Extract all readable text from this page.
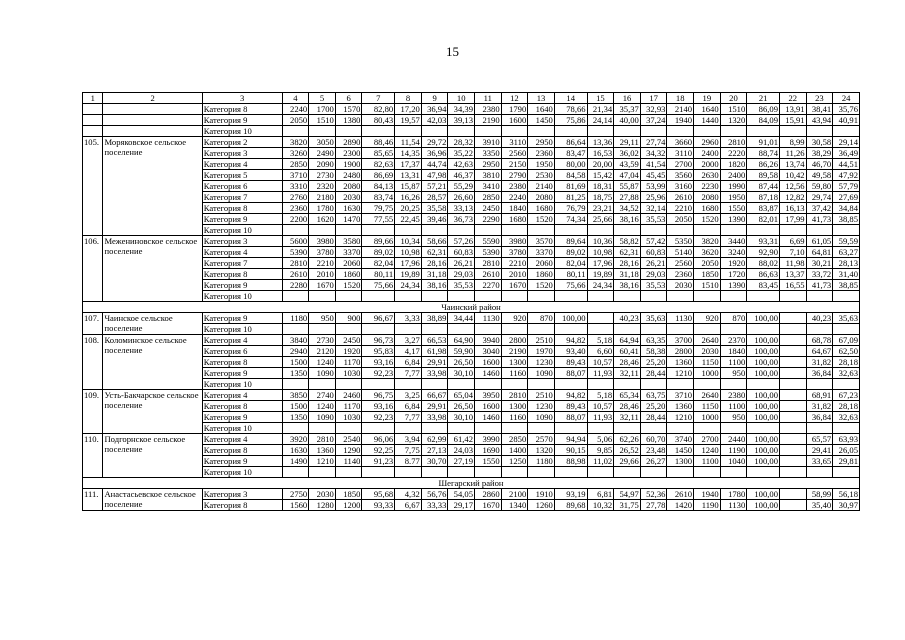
15
1	2	3	4	5	6	7	8	9	10	11	12	13	14	15	16	17	18	19	20	21	22	23	24
		Категория 8	2240	1700	1570	82,80	17,20	36,94	34,39	2380	1790	1640	78,66	21,34	35,37	32,93	2140	1640	1510	86,09	13,91	38,41	35,76
		Категория 9	2050	1510	1380	80,43	19,57	42,03	39,13	2190	1600	1450	75,86	24,14	40,00	37,24	1940	1440	1320	84,09	15,91	43,94	40,91
		Категория 10																					
105.	Моряковское сельское поселение	Категория 2	3820	3050	2890	88,46	11,54	29,72	28,32	3910	3110	2950	86,64	13,36	29,11	27,74	3660	2960	2810	91,01	8,99	30,58	29,14
		Категория 3	3260	2490	2300	85,65	14,35	36,96	35,22	3350	2560	2360	83,47	16,53	36,02	34,32	3110	2400	2220	88,74	11,26	38,29	36,49
		Категория 4	2850	2090	1900	82,63	17,37	44,74	42,63	2950	2150	1950	80,00	20,00	43,59	41,54	2700	2000	1820	86,26	13,74	46,70	44,51
		Категория 5	3710	2730	2480	86,69	13,31	47,98	46,37	3810	2790	2530	84,58	15,42	47,04	45,45	3560	2630	2400	89,58	10,42	49,58	47,92
		Категория 6	3310	2320	2080	84,13	15,87	57,21	55,29	3410	2380	2140	81,69	18,31	55,87	53,99	3160	2230	1990	87,44	12,56	59,80	57,79
		Категория 7	2760	2180	2030	83,74	16,26	28,57	26,60	2850	2240	2080	81,25	18,75	27,88	25,96	2610	2080	1950	87,18	12,82	29,74	27,69
		Категория 8	2360	1780	1630	79,75	20,25	35,58	33,13	2450	1840	1680	76,79	23,21	34,52	32,14	2210	1680	1550	83,87	16,13	37,42	34,84
		Категория 9	2200	1620	1470	77,55	22,45	39,46	36,73	2290	1680	1520	74,34	25,66	38,16	35,53	2050	1520	1390	82,01	17,99	41,73	38,85
		Категория 10																					
106.	Межениновское сельское поселение	Категория 3	5600	3980	3580	89,66	10,34	58,66	57,26	5590	3980	3570	89,64	10,36	58,82	57,42	5350	3820	3440	93,31	6,69	61,05	59,59
		Категория 4	5390	3780	3370	89,02	10,98	62,31	60,83	5390	3780	3370	89,02	10,98	62,31	60,83	5140	3620	3240	92,90	7,10	64,81	63,27
		Категория 7	2810	2210	2060	82,04	17,96	28,16	26,21	2810	2210	2060	82,04	17,96	28,16	26,21	2560	2050	1920	88,02	11,98	30,21	28,13
		Категория 8	2610	2010	1860	80,11	19,89	31,18	29,03	2610	2010	1860	80,11	19,89	31,18	29,03	2360	1850	1720	86,63	13,37	33,72	31,40
		Категория 9	2280	1670	1520	75,66	24,34	38,16	35,53	2270	1670	1520	75,66	24,34	38,16	35,53	2030	1510	1390	83,45	16,55	41,73	38,85
		Категория 10																					
Чаинский район																							
107.	Чаинское сельское поселение	Категория 9	1180	950	900	96,67	3,33	38,89	34,44	1130	920	870	100,00		40,23	35,63	1130	920	870	100,00		40,23	35,63
		Категория 10																					
108.	Коломинское сельское поселение	Категория 4	3840	2730	2450	96,73	3,27	66,53	64,90	3940	2800	2510	94,82	5,18	64,94	63,35	3700	2640	2370	100,00		68,78	67,09
		Категория 6	2940	2120	1920	95,83	4,17	61,98	59,90	3040	2190	1970	93,40	6,60	60,41	58,38	2800	2030	1840	100,00		64,67	62,50
		Категория 8	1500	1240	1170	93,16	6,84	29,91	26,50	1600	1300	1230	89,43	10,57	28,46	25,20	1360	1150	1100	100,00		31,82	28,18
		Категория 9	1350	1090	1030	92,23	7,77	33,98	30,10	1460	1160	1090	88,07	11,93	32,11	28,44	1210	1000	950	100,00		36,84	32,63
		Категория 10																					
109.	Усть-Бакчарское сельское поселение	Категория 4	3850	2740	2460	96,75	3,25	66,67	65,04	3950	2810	2510	94,82	5,18	65,34	63,75	3710	2640	2380	100,00		68,91	67,23
		Категория 8	1500	1240	1170	93,16	6,84	29,91	26,50	1600	1300	1230	89,43	10,57	28,46	25,20	1360	1150	1100	100,00		31,82	28,18
		Категория 9	1350	1090	1030	92,23	7,77	33,98	30,10	1460	1160	1090	88,07	11,93	32,11	28,44	1210	1000	950	100,00		36,84	32,63
		Категория 10																					
110.	Подгорнское сельское поселение	Категория 4	3920	2810	2540	96,06	3,94	62,99	61,42	3990	2850	2570	94,94	5,06	62,26	60,70	3740	2700	2440	100,00		65,57	63,93
		Категория 8	1630	1360	1290	92,25	7,75	27,13	24,03	1690	1400	1320	90,15	9,85	26,52	23,48	1450	1240	1190	100,00		29,41	26,05
		Категория 9	1490	1210	1140	91,23	8.77	30,70	27,19	1550	1250	1180	88,98	11,02	29,66	26,27	1300	1100	1040	100,00		33,65	29,81
		Категория 10																					
Шегарский район																							
111.	Анастасьевское сельское поселение	Категория 3	2750	2030	1850	95,68	4,32	56,76	54,05	2860	2100	1910	93,19	6,81	54,97	52,36	2610	1940	1780	100,00		58,99	56,18
		Категория 8	1560	1280	1200	93,33	6,67	33,33	29,17	1670	1340	1260	89,68	10,32	31,75	27,78	1420	1190	1130	100,00		35,40	30,97
